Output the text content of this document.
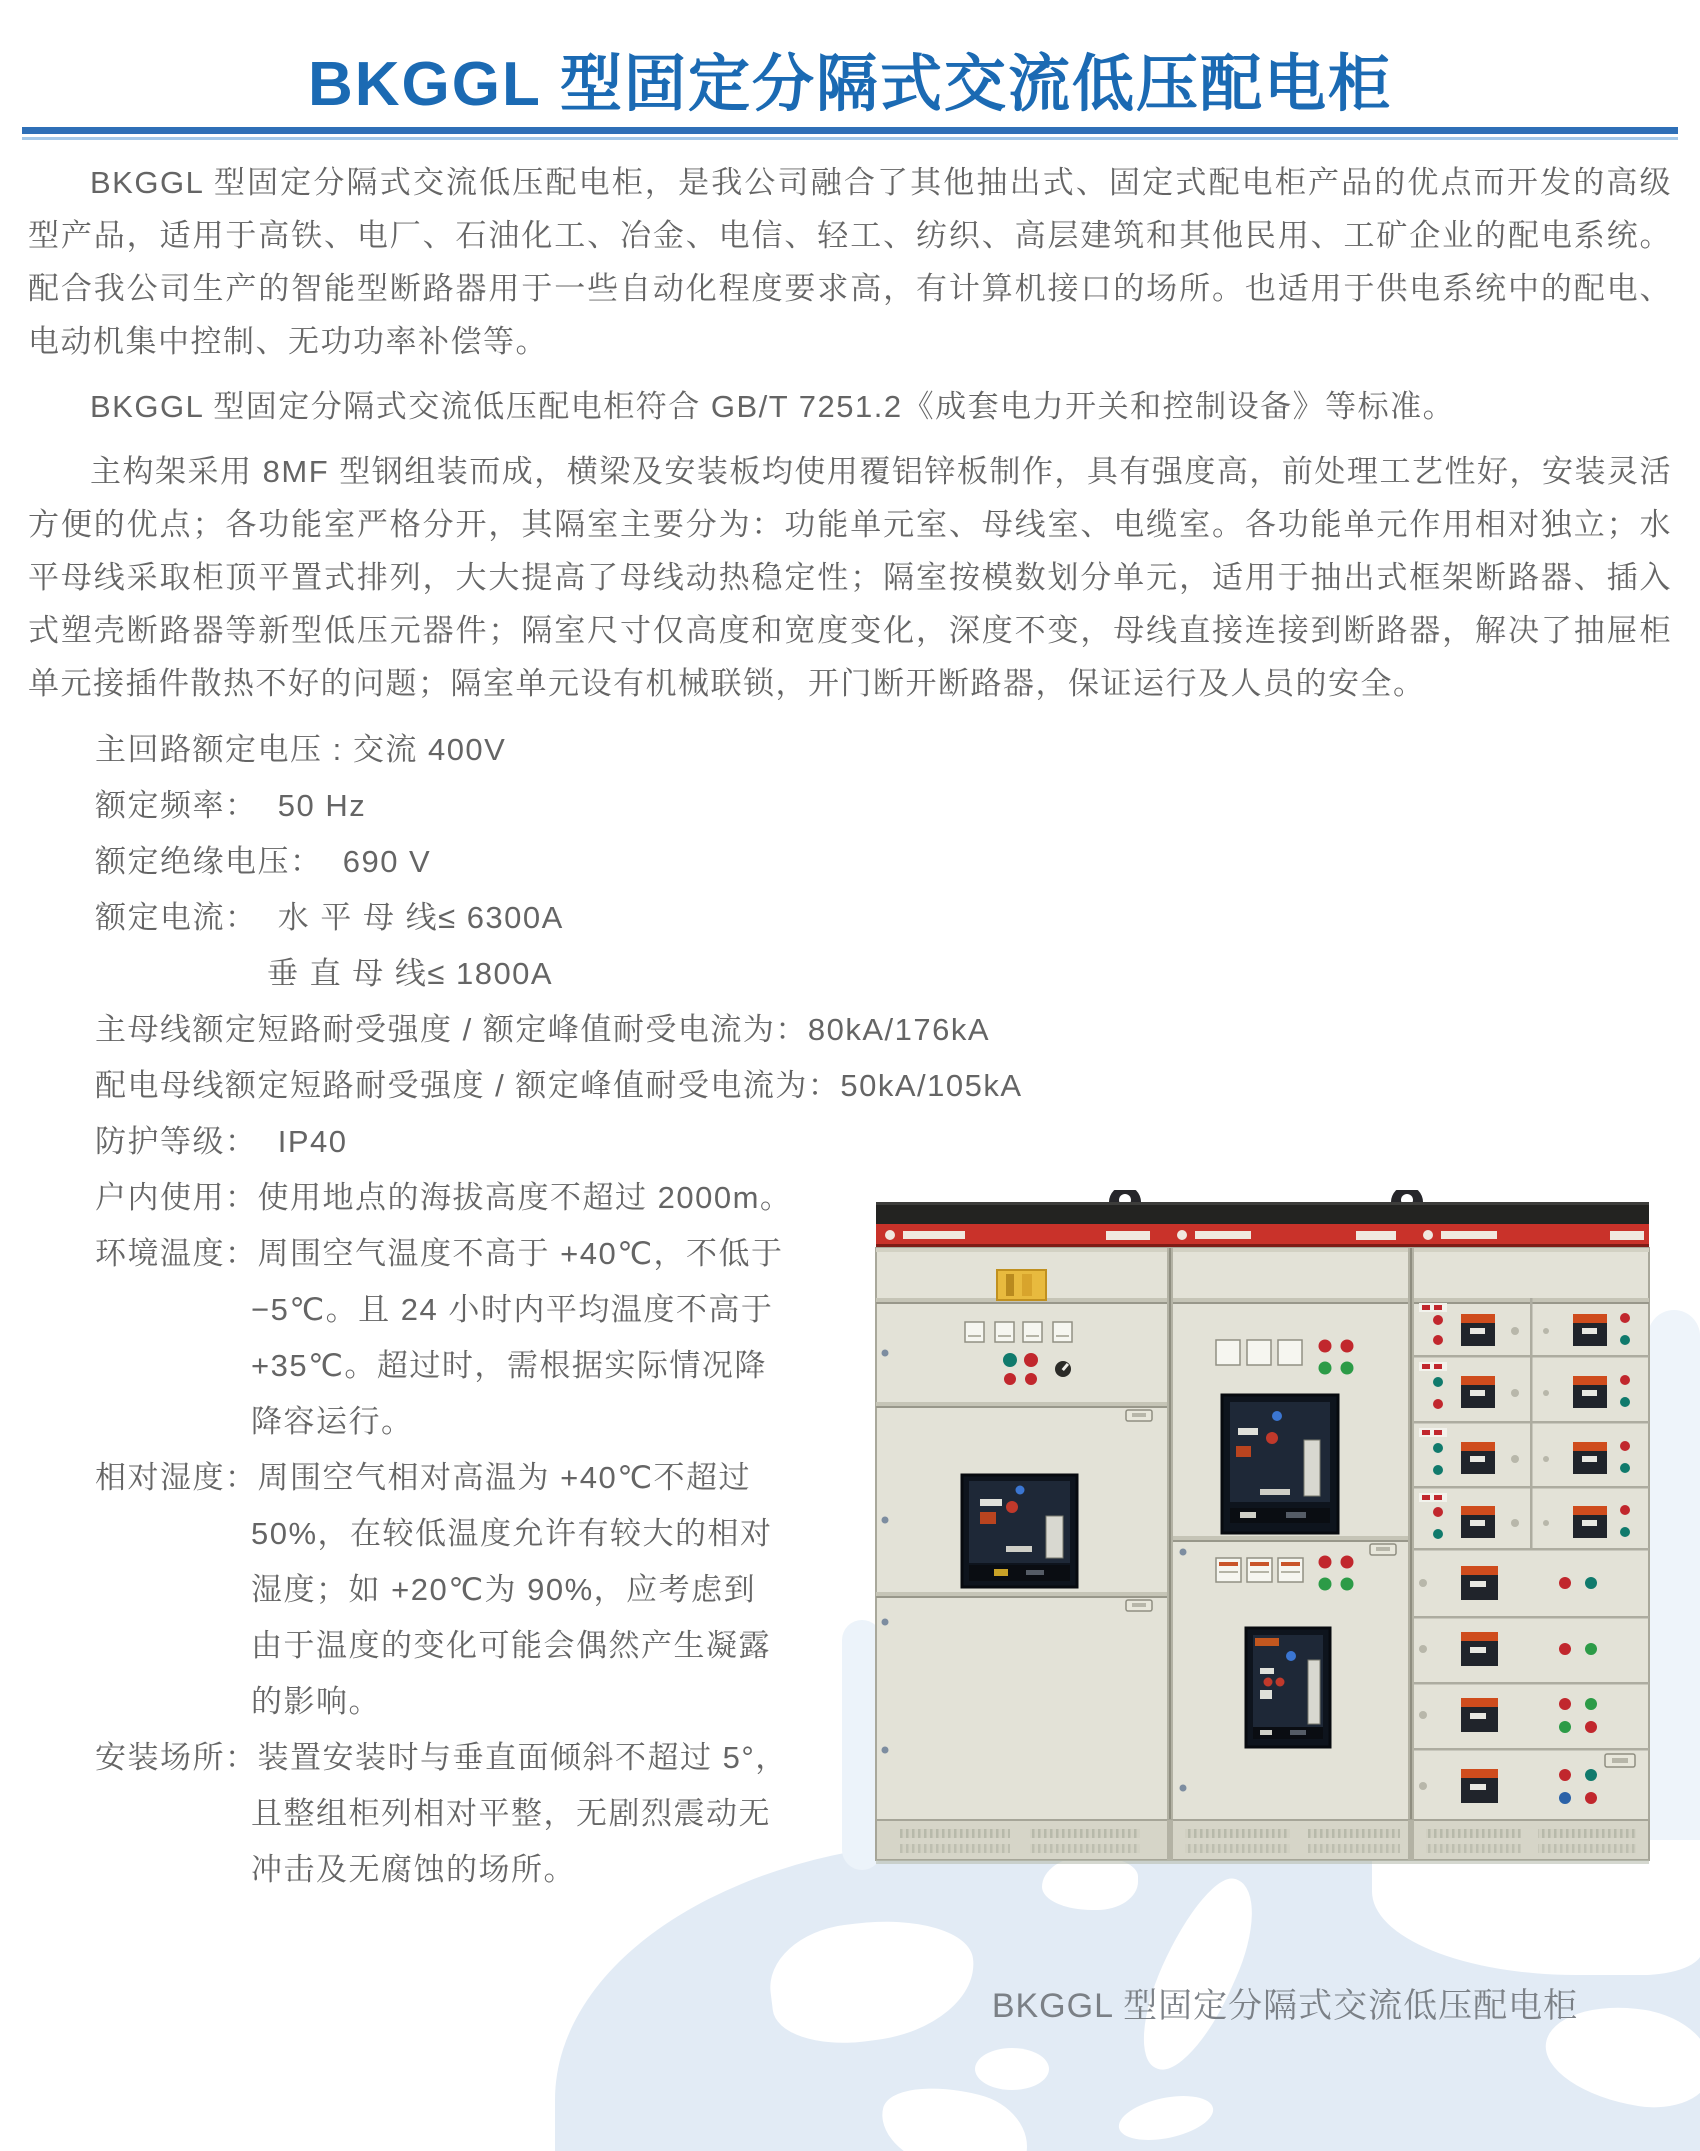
BKGGL 型固定分隔式交流低压配电柜

BKGGL 型固定分隔式交流低压配电柜，是我公司融合了其他抽出式、固定式配电柜产品的优点而开发的高级型产品，适用于高铁、电厂、石油化工、冶金、电信、轻工、纺织、高层建筑和其他民用、工矿企业的配电系统。配合我公司生产的智能型断路器用于一些自动化程度要求高，有计算机接口的场所。也适用于供电系统中的配电、电动机集中控制、无功功率补偿等。

BKGGL 型固定分隔式交流低压配电柜符合 GB/T 7251.2《成套电力开关和控制设备》等标准。

主构架采用 8MF 型钢组装而成，横梁及安装板均使用覆铝锌板制作，具有强度高，前处理工艺性好，安装灵活方便的优点；各功能室严格分开，其隔室主要分为：功能单元室、母线室、电缆室。各功能单元作用相对独立；水平母线采取柜顶平置式排列，大大提高了母线动热稳定性；隔室按模数划分单元，适用于抽出式框架断路器、插入式塑壳断路器等新型低压元器件；隔室尺寸仅高度和宽度变化，深度不变，母线直接连接到断路器，解决了抽屉柜单元接插件散热不好的问题；隔室单元设有机械联锁，开门断开断路器，保证运行及人员的安全。

主回路额定电压 : 交流 400V
额定频率：  50 Hz
额定绝缘电压：  690 V
额定电流：  水 平 母 线≤ 6300A
垂 直 母 线≤ 1800A
主母线额定短路耐受强度 / 额定峰值耐受电流为：80kA/176kA
配电母线额定短路耐受强度 / 额定峰值耐受电流为：50kA/105kA
防护等级：  IP40
户内使用：使用地点的海拔高度不超过 2000m。
环境温度：周围空气温度不高于 +40℃，不低于
−5℃。且 24 小时内平均温度不高于
+35℃。超过时，需根据实际情况降
降容运行。
相对湿度：周围空气相对高温为 +40℃不超过
50%，在较低温度允许有较大的相对
湿度；如 +20℃为 90%，应考虑到
由于温度的变化可能会偶然产生凝露
的影响。
安装场所：装置安装时与垂直面倾斜不超过 5°，
且整组柜列相对平整，无剧烈震动无
冲击及无腐蚀的场所。
BKGGL 型固定分隔式交流低压配电柜
